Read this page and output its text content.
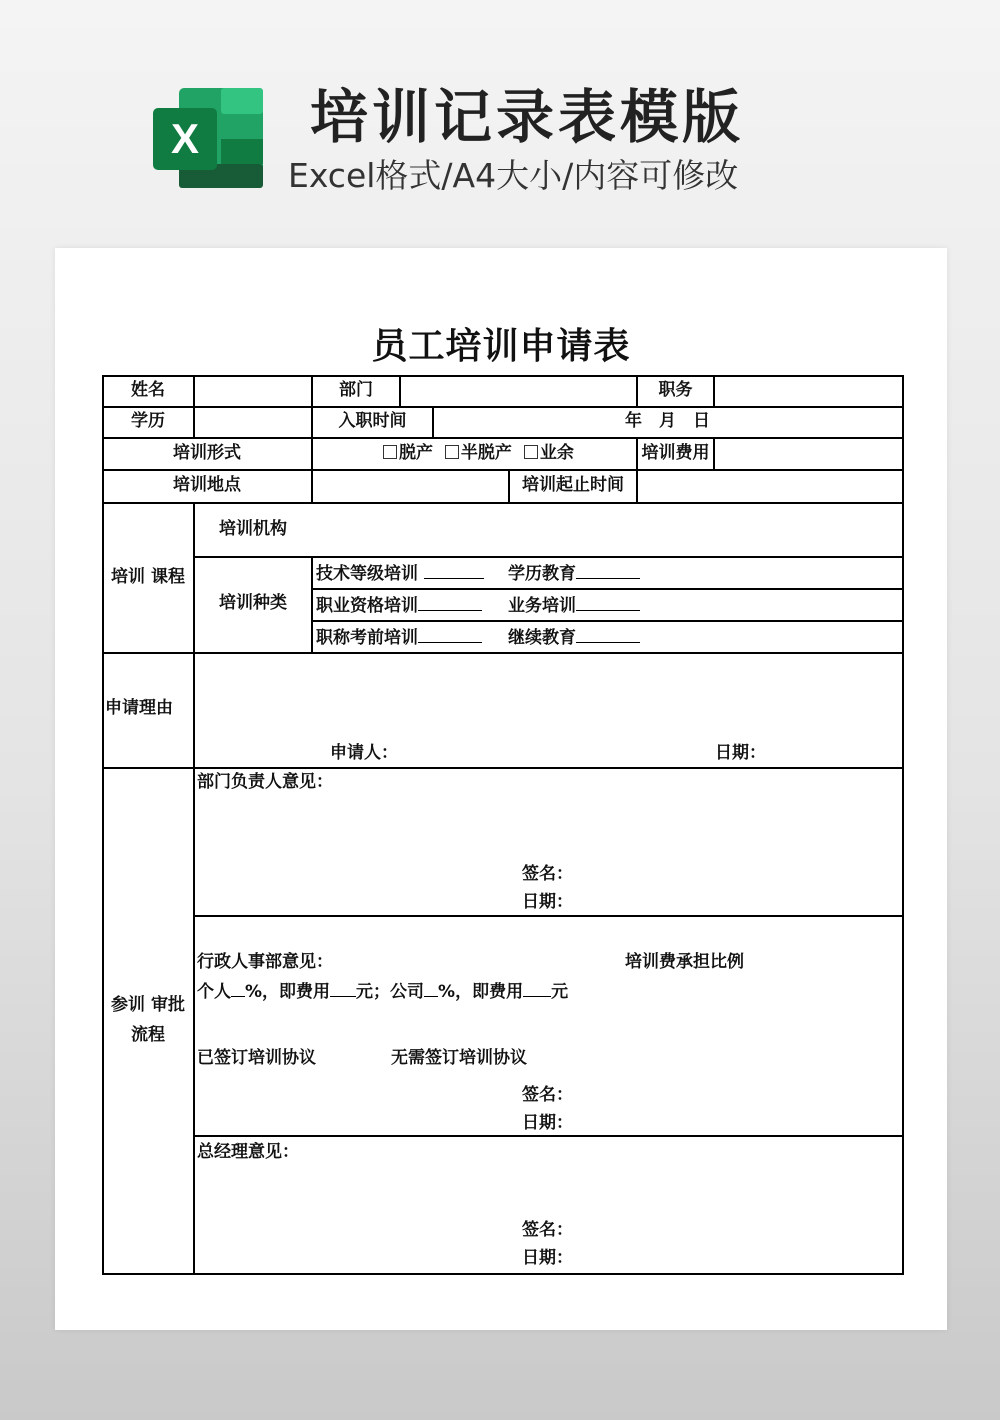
X 培训记录表模版
Excel格式/A4大小/内容可修改
员工培训申请表
姓名	部门	职务
学历	入职时间	年　月　日
培训形式	脱产 半脱产 业余	培训费用
培训地点	培训起止时间
培训 课程
培训机构
培训种类
技术等级培训	学历教育
职业资格培训	业务培训
职称考前培训	继续教育
申请理由
申请人：	日期：
参训 审批
流程
部门负责人意见：
签名：
日期：
行政人事部意见：	培训费承担比例
个人 %，即费用 元；公司 %，即费用 元
已签订培训协议	无需签订培训协议
签名：
日期：
总经理意见：
签名：
日期：
